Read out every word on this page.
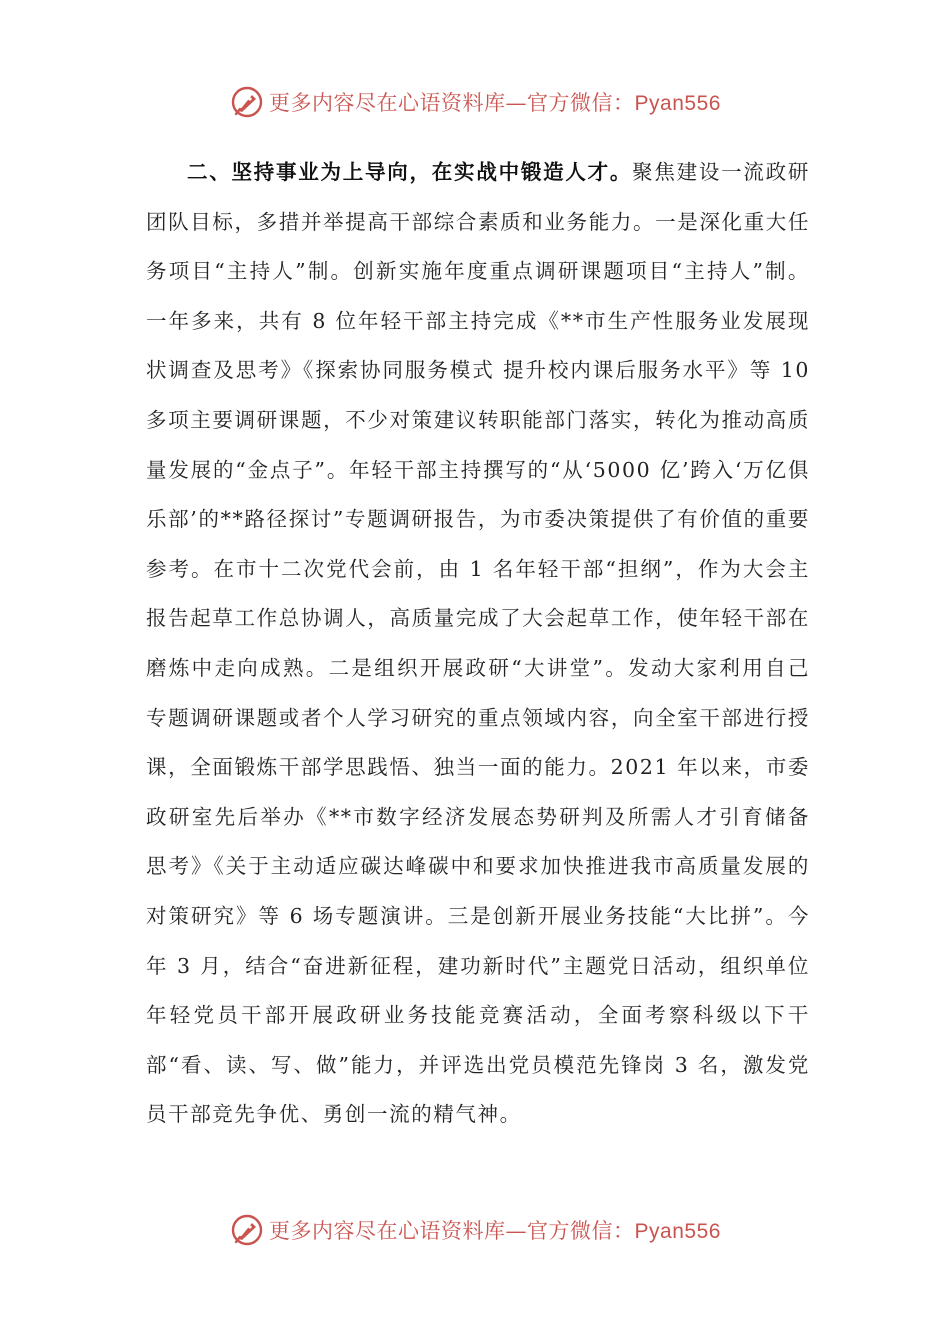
更多内容尽在心语资料库—官方微信：Pyan556

二、坚持事业为上导向，在实战中锻造人才。聚焦建设一流政研团队目标，多措并举提高干部综合素质和业务能力。一是深化重大任务项目“主持人”制。创新实施年度重点调研课题项目“主持人”制。一年多来，共有 8 位年轻干部主持完成《**市生产性服务业发展现状调查及思考》《探索协同服务模式 提升校内课后服务水平》等 10 多项主要调研课题，不少对策建议转职能部门落实，转化为推动高质量发展的“金点子”。年轻干部主持撰写的“从‘5000 亿’跨入‘万亿俱乐部’的**路径探讨”专题调研报告，为市委决策提供了有价值的重要参考。在市十二次党代会前，由 1 名年轻干部“担纲”，作为大会主报告起草工作总协调人，高质量完成了大会起草工作，使年轻干部在磨炼中走向成熟。二是组织开展政研“大讲堂”。发动大家利用自己专题调研课题或者个人学习研究的重点领域内容，向全室干部进行授课，全面锻炼干部学思践悟、独当一面的能力。2021 年以来，市委政研室先后举办《**市数字经济发展态势研判及所需人才引育储备思考》《关于主动适应碳达峰碳中和要求加快推进我市高质量发展的对策研究》等 6 场专题演讲。三是创新开展业务技能“大比拼”。今年 3 月，结合“奋进新征程，建功新时代”主题党日活动，组织单位年轻党员干部开展政研业务技能竞赛活动，全面考察科级以下干部“看、读、写、做”能力，并评选出党员模范先锋岗 3 名，激发党员干部竞先争优、勇创一流的精气神。

更多内容尽在心语资料库—官方微信：Pyan556
